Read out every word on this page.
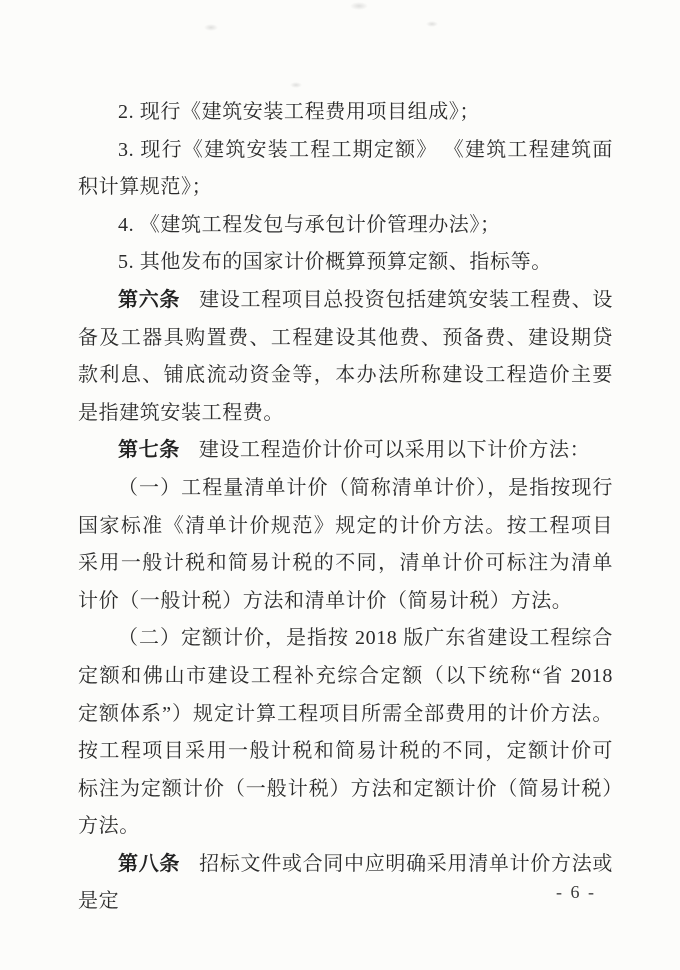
2. 现行《建筑安装工程费用项目组成》；

3. 现行《建筑安装工程工期定额》 《建筑工程建筑面积计算规范》；

4. 《建筑工程发包与承包计价管理办法》；

5. 其他发布的国家计价概算预算定额、指标等。

第六条 建设工程项目总投资包括建筑安装工程费、设备及工器具购置费、工程建设其他费、预备费、建设期贷款利息、铺底流动资金等，本办法所称建设工程造价主要是指建筑安装工程费。

第七条 建设工程造价计价可以采用以下计价方法：

（一）工程量清单计价（简称清单计价），是指按现行国家标准《清单计价规范》规定的计价方法。按工程项目采用一般计税和简易计税的不同，清单计价可标注为清单计价（一般计税）方法和清单计价（简易计税）方法。

（二）定额计价，是指按 2018 版广东省建设工程综合定额和佛山市建设工程补充综合定额（以下统称“省 2018 定额体系”）规定计算工程项目所需全部费用的计价方法。按工程项目采用一般计税和简易计税的不同，定额计价可标注为定额计价（一般计税）方法和定额计价（简易计税）方法。

第八条 招标文件或合同中应明确采用清单计价方法或是定	- 6 -
